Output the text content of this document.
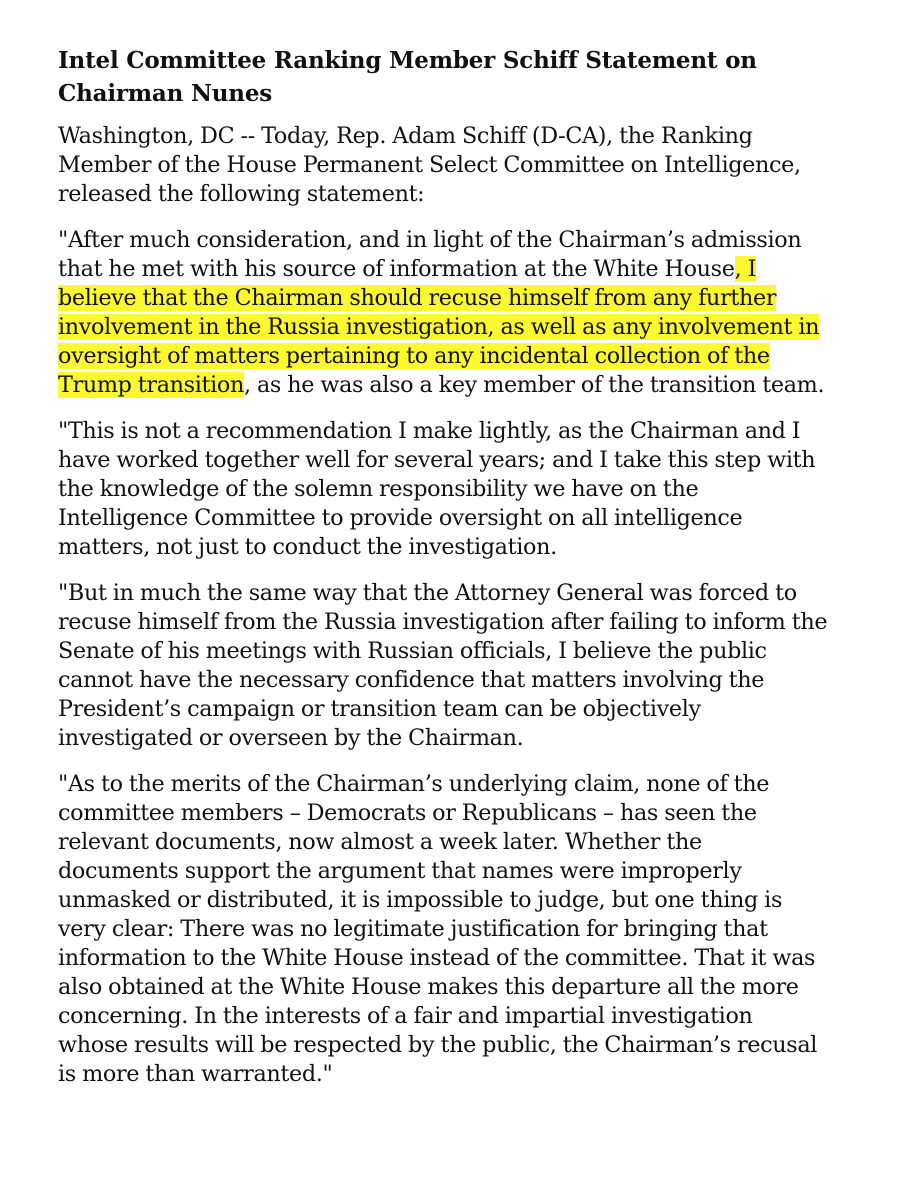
Intel Committee Ranking Member Schiff Statement on
Chairman Nunes
Washington, DC -- Today, Rep. Adam Schiff (D-CA), the Ranking
Member of the House Permanent Select Committee on Intelligence,
released the following statement:
"After much consideration, and in light of the Chairman’s admission
that he met with his source of information at the White House, I
believe that the Chairman should recuse himself from any further
involvement in the Russia investigation, as well as any involvement in
oversight of matters pertaining to any incidental collection of the
Trump transition, as he was also a key member of the transition team.
"This is not a recommendation I make lightly, as the Chairman and I
have worked together well for several years; and I take this step with
the knowledge of the solemn responsibility we have on the
Intelligence Committee to provide oversight on all intelligence
matters, not just to conduct the investigation.
"But in much the same way that the Attorney General was forced to
recuse himself from the Russia investigation after failing to inform the
Senate of his meetings with Russian officials, I believe the public
cannot have the necessary confidence that matters involving the
President’s campaign or transition team can be objectively
investigated or overseen by the Chairman.
"As to the merits of the Chairman’s underlying claim, none of the
committee members – Democrats or Republicans – has seen the
relevant documents, now almost a week later. Whether the
documents support the argument that names were improperly
unmasked or distributed, it is impossible to judge, but one thing is
very clear: There was no legitimate justification for bringing that
information to the White House instead of the committee. That it was
also obtained at the White House makes this departure all the more
concerning. In the interests of a fair and impartial investigation
whose results will be respected by the public, the Chairman’s recusal
is more than warranted."
